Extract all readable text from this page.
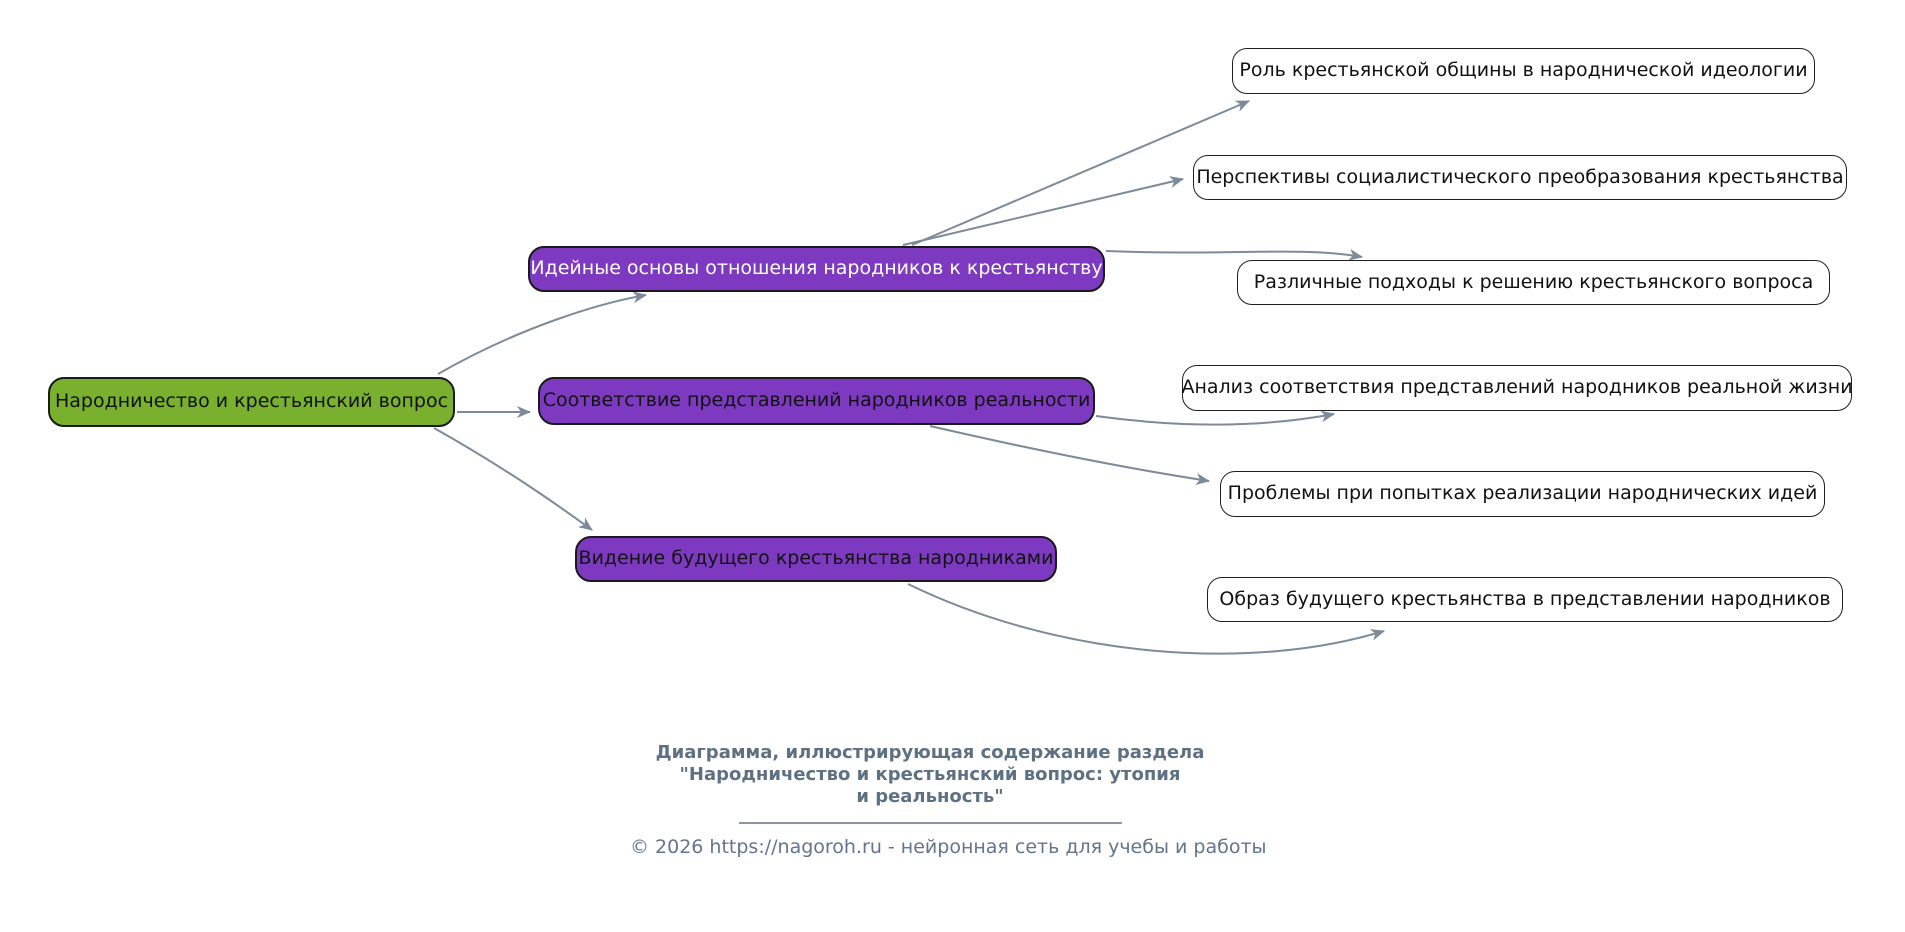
Народничество и крестьянский вопрос
Идейные основы отношения народников к крестьянству
Соответствие представлений народников реальности
Видение будущего крестьянства народниками
Роль крестьянской общины в народнической идеологии
Перспективы социалистического преобразования крестьянства
Различные подходы к решению крестьянского вопроса
Анализ соответствия представлений народников реальной жизни
Проблемы при попытках реализации народнических идей
Образ будущего крестьянства в представлении народников
Диаграмма, иллюстрирующая содержание раздела
"Народничество и крестьянский вопрос: утопия
и реальность"
© 2026 https://nagoroh.ru - нейронная сеть для учебы и работы
